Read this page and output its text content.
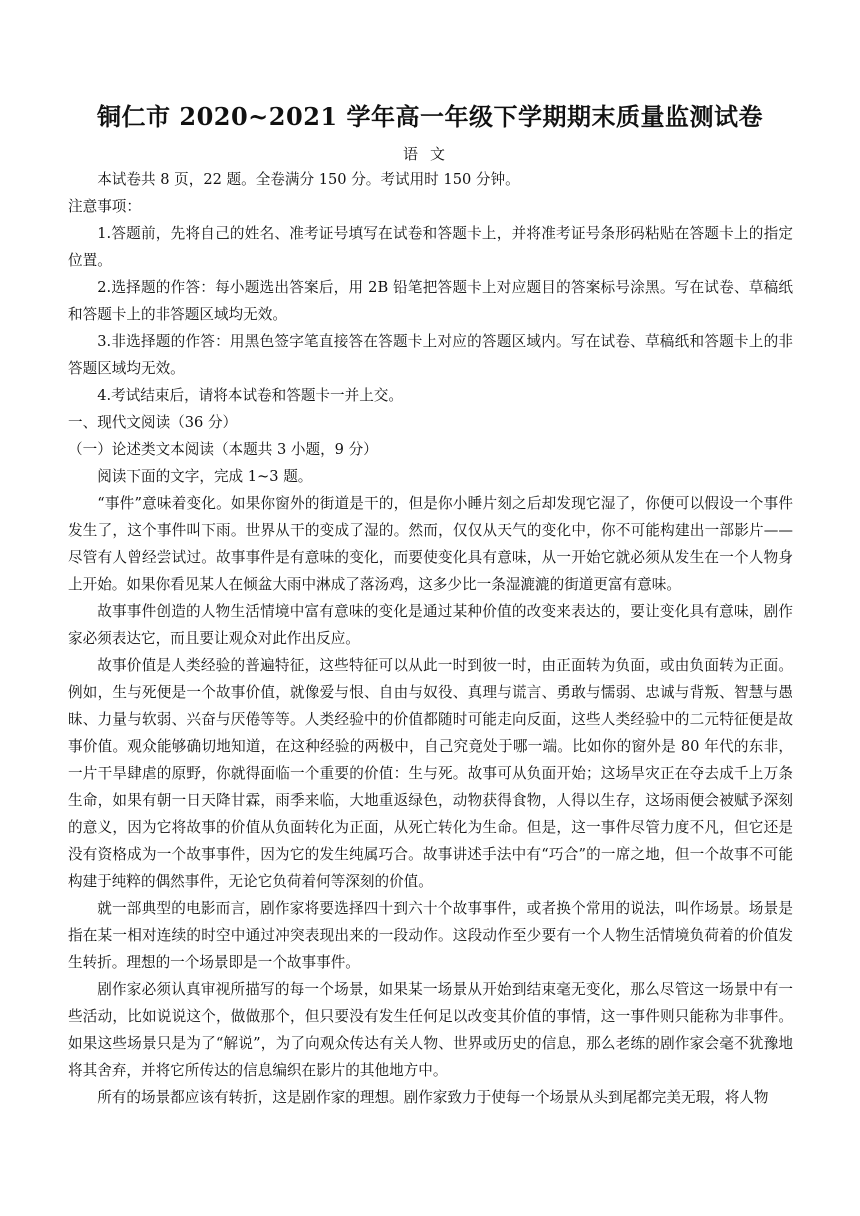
铜仁市 2020~2021 学年高一年级下学期期末质量监测试卷
语文

本试卷共 8 页，22 题。全卷满分 150 分。考试用时 150 分钟。

注意事项：

1.答题前，先将自己的姓名、准考证号填写在试卷和答题卡上，并将准考证号条形码粘贴在答题卡上的指定位置。

2.选择题的作答：每小题选出答案后，用 2B 铅笔把答题卡上对应题目的答案标号涂黑。写在试卷、草稿纸和答题卡上的非答题区域均无效。

3.非选择题的作答：用黑色签字笔直接答在答题卡上对应的答题区域内。写在试卷、草稿纸和答题卡上的非答题区域均无效。

4.考试结束后，请将本试卷和答题卡一并上交。

一、现代文阅读（36 分）

（一）论述类文本阅读（本题共 3 小题，9 分）

阅读下面的文字，完成 1~3 题。

“事件”意味着变化。如果你窗外的街道是干的，但是你小睡片刻之后却发现它湿了，你便可以假设一个事件发生了，这个事件叫下雨。世界从干的变成了湿的。然而，仅仅从天气的变化中，你不可能构建出一部影片——尽管有人曾经尝试过。故事事件是有意味的变化，而要使变化具有意味，从一开始它就必须从发生在一个人物身上开始。如果你看见某人在倾盆大雨中淋成了落汤鸡，这多少比一条湿漉漉的街道更富有意味。

故事事件创造的人物生活情境中富有意味的变化是通过某种价值的改变来表达的，要让变化具有意味，剧作家必须表达它，而且要让观众对此作出反应。

故事价值是人类经验的普遍特征，这些特征可以从此一时到彼一时，由正面转为负面，或由负面转为正面。例如，生与死便是一个故事价值，就像爱与恨、自由与奴役、真理与谎言、勇敢与懦弱、忠诚与背叛、智慧与愚昧、力量与软弱、兴奋与厌倦等等。人类经验中的价值都随时可能走向反面，这些人类经验中的二元特征便是故事价值。观众能够确切地知道，在这种经验的两极中，自己究竟处于哪一端。比如你的窗外是 80 年代的东非，一片干旱肆虐的原野，你就得面临一个重要的价值：生与死。故事可从负面开始；这场旱灾正在夺去成千上万条生命，如果有朝一日天降甘霖，雨季来临，大地重返绿色，动物获得食物，人得以生存，这场雨便会被赋予深刻的意义，因为它将故事的价值从负面转化为正面，从死亡转化为生命。但是，这一事件尽管力度不凡，但它还是没有资格成为一个故事事件，因为它的发生纯属巧合。故事讲述手法中有“巧合”的一席之地，但一个故事不可能构建于纯粹的偶然事件，无论它负荷着何等深刻的价值。

就一部典型的电影而言，剧作家将要选择四十到六十个故事事件，或者换个常用的说法，叫作场景。场景是指在某一相对连续的时空中通过冲突表现出来的一段动作。这段动作至少要有一个人物生活情境负荷着的价值发生转折。理想的一个场景即是一个故事事件。

剧作家必须认真审视所描写的每一个场景，如果某一场景从开始到结束毫无变化，那么尽管这一场景中有一些活动，比如说说这个，做做那个，但只要没有发生任何足以改变其价值的事情，这一事件则只能称为非事件。如果这些场景只是为了“解说”，为了向观众传达有关人物、世界或历史的信息，那么老练的剧作家会毫不犹豫地将其舍弃，并将它所传达的信息编织在影片的其他地方中。

所有的场景都应该有转折，这是剧作家的理想。剧作家致力于使每一个场景从头到尾都完美无瑕，将人物
